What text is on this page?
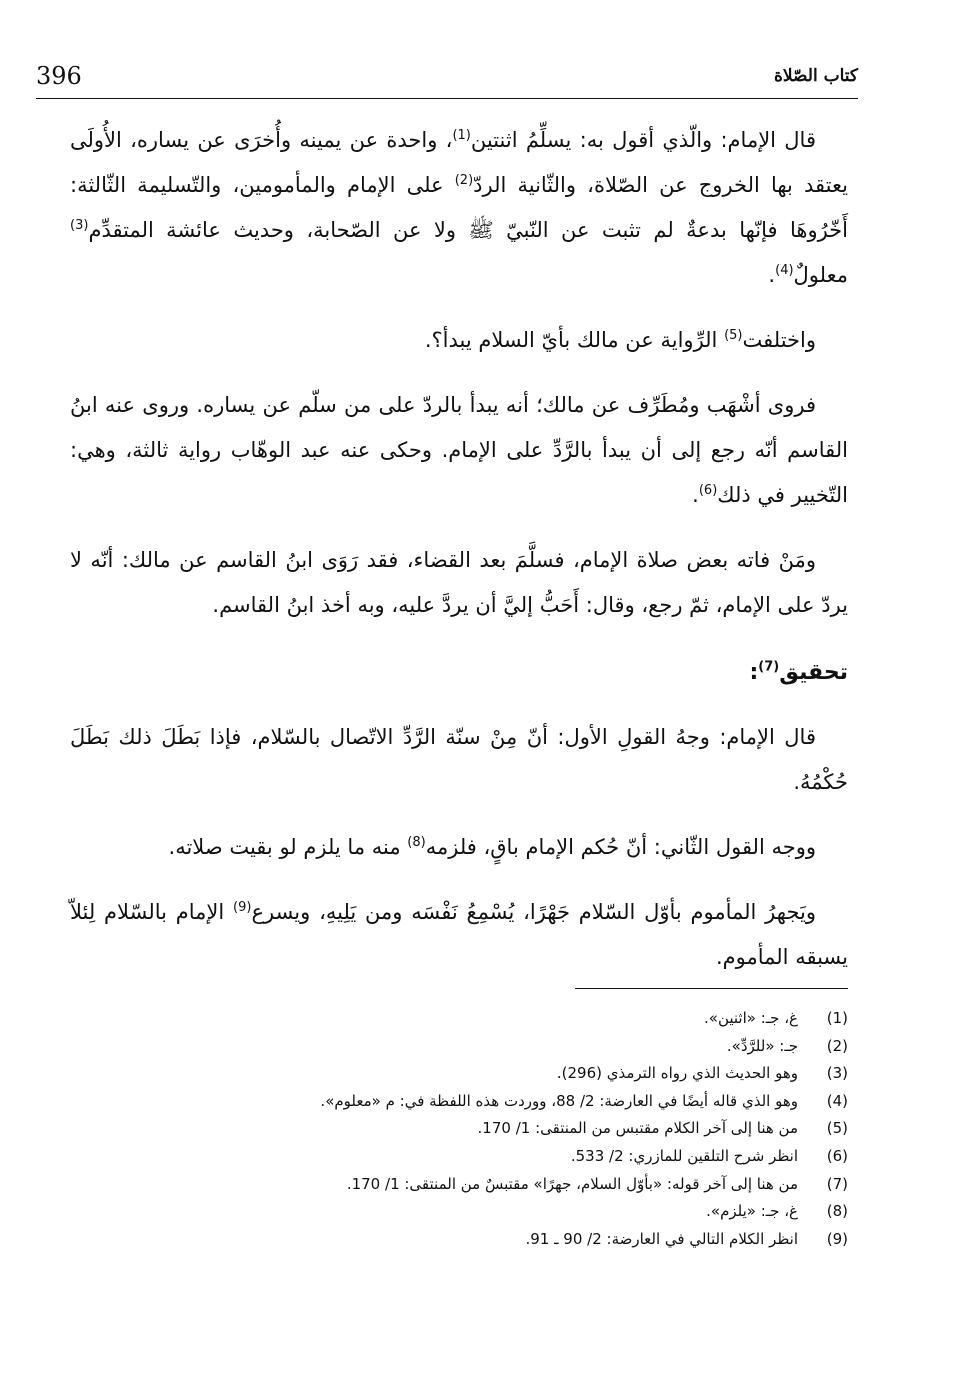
396	كتاب الصّلاة

قال الإمام: والّذي أقول به: يسلِّمُ اثنتين$^{(1)}$، واحدة عن يمينه وأُخرَى عن يساره، الأُولَى يعتقد بها الخروج عن الصّلاة، والثّانية الردّ$^{(2)}$ على الإمام والمأمومين، والتّسليمة الثّالثة: أَخّرُوهَا فإنّها بدعةٌ لم تثبت عن النّبيّ ﷺ ولا عن الصّحابة، وحديث عائشة المتقدِّم$^{(3)}$ معلولٌ$^{(4)}$.

واختلفت$^{(5)}$ الرِّواية عن مالك بأيّ السلام يبدأ؟.

فروى أشْهَب ومُطَرِّف عن مالك؛ أنه يبدأ بالردّ على من سلّم عن يساره. وروى عنه ابنُ القاسم أنّه رجع إلى أن يبدأ بالرَّدِّ على الإمام. وحكى عنه عبد الوهّاب رواية ثالثة، وهي: التّخيير في ذلك$^{(6)}$.

ومَنْ فاته بعض صلاة الإمام، فسلَّمَ بعد القضاء، فقد رَوَى ابنُ القاسم عن مالك: أنّه لا يردّ على الإمام، ثمّ رجع، وقال: أَحَبُّ إليَّ أن يردَّ عليه، وبه أخذ ابنُ القاسم.

تحقيق$^{(7)}$:

قال الإمام: وجهُ القولِ الأول: أنّ مِنْ سنّة الرَّدِّ الاتّصال بالسّلام، فإذا بَطَلَ ذلك بَطَلَ حُكْمُهُ.

ووجه القول الثّاني: أنّ حُكم الإمام باقٍ، فلزمه$^{(8)}$ منه ما يلزم لو بقيت صلاته.

ويَجهرُ المأموم بأوّل السّلام جَهْرًا، يُسْمِعُ نَفْسَه ومن يَلِيهِ، ويسرع$^{(9)}$ الإمام بالسّلام لِئلاّ يسبقه المأموم.

(1)
غ، جـ: «اثنين».
(2)
جـ: «للرَّدِّ».
(3)
وهو الحديث الذي رواه الترمذي (296).
(4)
وهو الذي قاله أيضًا في العارضة: 2/ 88، ووردت هذه اللفظة في: م «معلوم».
(5)
من هنا إلى آخر الكلام مقتبس من المنتقى: 1/ 170.
(6)
انظر شرح التلقين للمازري: 2/ 533.
(7)
من هنا إلى آخر قوله: «بأوّل السلام، جهرًا» مقتبسٌ من المنتقى: 1/ 170.
(8)
غ، جـ: «يلزم».
(9)
انظر الكلام التالي في العارضة: 2/ 90 ـ 91.
